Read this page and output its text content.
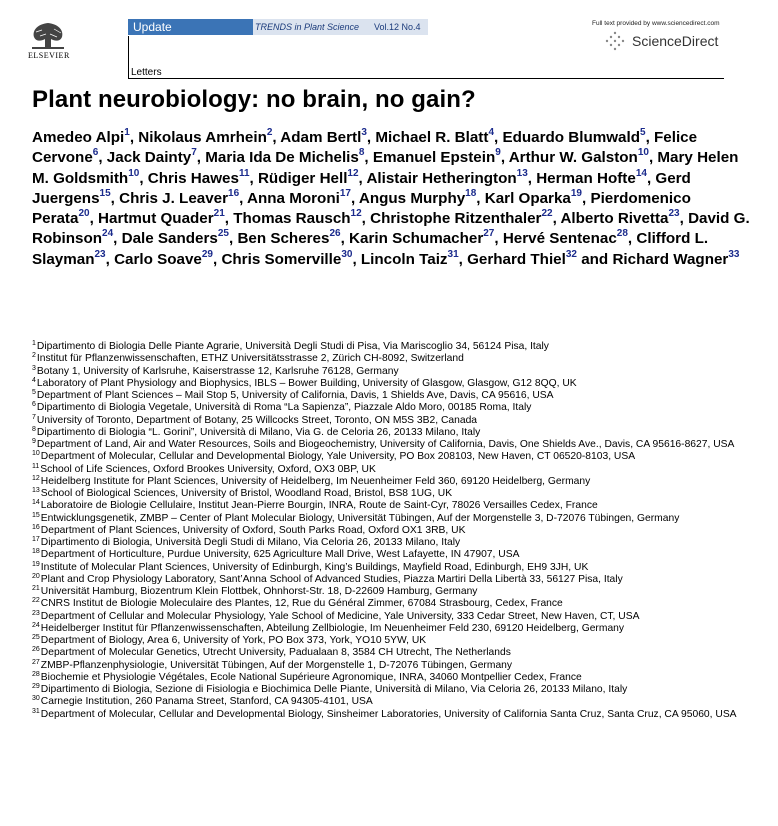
ELSEVIER
Update	TRENDS in Plant Science Vol.12 No.4	Full text provided by www.sciencedirect.com
ScienceDirect
Letters
Plant neurobiology: no brain, no gain?
Amedeo Alpi$^1$, Nikolaus Amrhein$^2$, Adam Bertl$^3$, Michael R. Blatt$^4$, Eduardo Blumwald$^5$, Felice Cervone$^6$, Jack Dainty$^7$, Maria Ida De Michelis$^8$, Emanuel Epstein$^9$, Arthur W. Galston$^{10}$, Mary Helen M. Goldsmith$^{10}$, Chris Hawes$^{11}$, Rüdiger Hell$^{12}$, Alistair Hetherington$^{13}$, Herman Hofte$^{14}$, Gerd Juergens$^{15}$, Chris J. Leaver$^{16}$, Anna Moroni$^{17}$, Angus Murphy$^{18}$, Karl Oparka$^{19}$, Pierdomenico Perata$^{20}$, Hartmut Quader$^{21}$, Thomas Rausch$^{12}$, Christophe Ritzenthaler$^{22}$, Alberto Rivetta$^{23}$, David G. Robinson$^{24}$, Dale Sanders$^{25}$, Ben Scheres$^{26}$, Karin Schumacher$^{27}$, Hervé Sentenac$^{28}$, Clifford L. Slayman$^{23}$, Carlo Soave$^{29}$, Chris Somerville$^{30}$, Lincoln Taiz$^{31}$, Gerhard Thiel$^{32}$ and Richard Wagner$^{33}$

$^1$Dipartimento di Biologia Delle Piante Agrarie, Università Degli Studi di Pisa, Via Mariscoglio 34, 56124 Pisa, Italy

$^2$Institut für Pflanzenwissenschaften, ETHZ Universitätsstrasse 2, Zürich CH-8092, Switzerland

$^3$Botany 1, University of Karlsruhe, Kaiserstrasse 12, Karlsruhe 76128, Germany

$^4$Laboratory of Plant Physiology and Biophysics, IBLS – Bower Building, University of Glasgow, Glasgow, G12 8QQ, UK

$^5$Department of Plant Sciences – Mail Stop 5, University of California, Davis, 1 Shields Ave, Davis, CA 95616, USA

$^6$Dipartimento di Biologia Vegetale, Università di Roma “La Sapienza”, Piazzale Aldo Moro, 00185 Roma, Italy

$^7$University of Toronto, Department of Botany, 25 Willcocks Street, Toronto, ON M5S 3B2, Canada

$^8$Dipartimento di Biologia “L. Gorini”, Università di Milano, Via G. de Celoria 26, 20133 Milano, Italy

$^9$Department of Land, Air and Water Resources, Soils and Biogeochemistry, University of California, Davis, One Shields Ave., Davis, CA 95616-8627, USA

$^{10}$Department of Molecular, Cellular and Developmental Biology, Yale University, PO Box 208103, New Haven, CT 06520-8103, USA

$^{11}$School of Life Sciences, Oxford Brookes University, Oxford, OX3 0BP, UK

$^{12}$Heidelberg Institute for Plant Sciences, University of Heidelberg, Im Neuenheimer Feld 360, 69120 Heidelberg, Germany

$^{13}$School of Biological Sciences, University of Bristol, Woodland Road, Bristol, BS8 1UG, UK

$^{14}$Laboratoire de Biologie Cellulaire, Institut Jean-Pierre Bourgin, INRA, Route de Saint-Cyr, 78026 Versailles Cedex, France

$^{15}$Entwicklungsgenetik, ZMBP – Center of Plant Molecular Biology, Universität Tübingen, Auf der Morgenstelle 3, D-72076 Tübingen, Germany

$^{16}$Department of Plant Sciences, University of Oxford, South Parks Road, Oxford OX1 3RB, UK

$^{17}$Dipartimento di Biologia, Università Degli Studi di Milano, Via Celoria 26, 20133 Milano, Italy

$^{18}$Department of Horticulture, Purdue University, 625 Agriculture Mall Drive, West Lafayette, IN 47907, USA

$^{19}$Institute of Molecular Plant Sciences, University of Edinburgh, King’s Buildings, Mayfield Road, Edinburgh, EH9 3JH, UK

$^{20}$Plant and Crop Physiology Laboratory, Sant’Anna School of Advanced Studies, Piazza Martiri Della Libertà 33, 56127 Pisa, Italy

$^{21}$Universität Hamburg, Biozentrum Klein Flottbek, Ohnhorst-Str. 18, D-22609 Hamburg, Germany

$^{22}$CNRS Institut de Biologie Moleculaire des Plantes, 12, Rue du Général Zimmer, 67084 Strasbourg, Cedex, France

$^{23}$Department of Cellular and Molecular Physiology, Yale School of Medicine, Yale University, 333 Cedar Street, New Haven, CT, USA

$^{24}$Heidelberger Institut für Pflanzenwissenschaften, Abteilung Zellbiologie, Im Neuenheimer Feld 230, 69120 Heidelberg, Germany

$^{25}$Department of Biology, Area 6, University of York, PO Box 373, York, YO10 5YW, UK

$^{26}$Department of Molecular Genetics, Utrecht University, Padualaan 8, 3584 CH Utrecht, The Netherlands

$^{27}$ZMBP-Pflanzenphysiologie, Universität Tübingen, Auf der Morgenstelle 1, D-72076 Tübingen, Germany

$^{28}$Biochemie et Physiologie Végétales, Ecole National Supérieure Agronomique, INRA, 34060 Montpellier Cedex, France

$^{29}$Dipartimento di Biologia, Sezione di Fisiologia e Biochimica Delle Piante, Università di Milano, Via Celoria 26, 20133 Milano, Italy

$^{30}$Carnegie Institution, 260 Panama Street, Stanford, CA 94305-4101, USA

$^{31}$Department of Molecular, Cellular and Developmental Biology, Sinsheimer Laboratories, University of California Santa Cruz, Santa Cruz, CA 95060, USA
